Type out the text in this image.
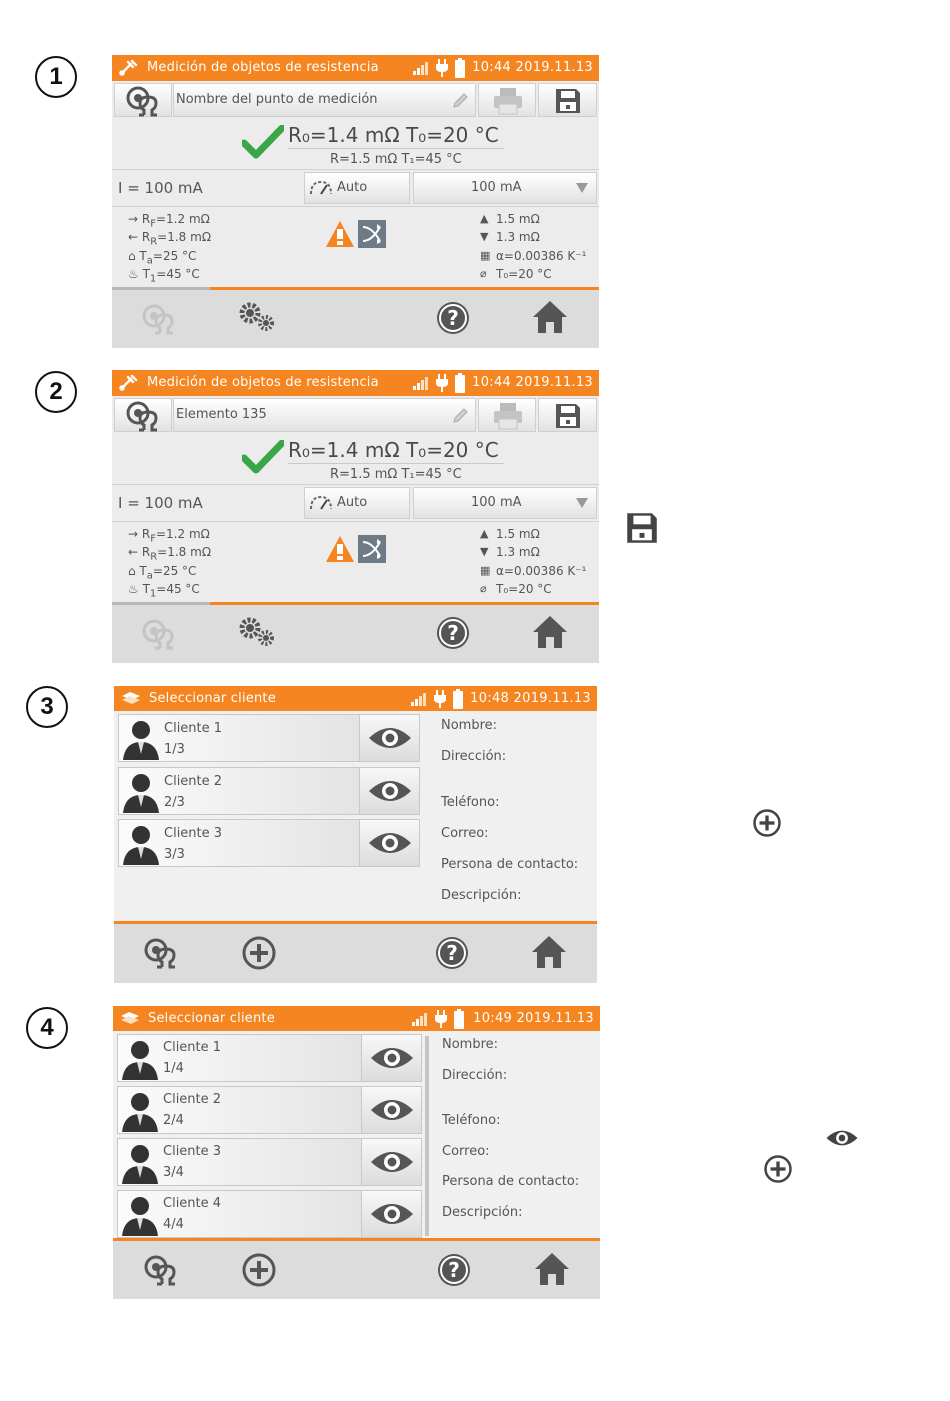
1
2
3
4
Medición de objetos de resistencia	10:44 2019.11.13
Nombre del punto de medición
R₀=1.4 mΩ T₀=20 °C
R=1.5 mΩ T₁=45 °C
I = 100 mA	Auto	100 mA
→ $R_F=1.2$ mΩ
← $R_R=1.8$ mΩ
⌂ $T_a=25$ °C
♨ $T_1=45$ °C
1.5 mΩ
1.3 mΩ
α=0.00386 K⁻¹
T₀=20 °C
▲
▼
▦
⌀
?
Medición de objetos de resistencia	10:44 2019.11.13
Elemento 135
R₀=1.4 mΩ T₀=20 °C
R=1.5 mΩ T₁=45 °C
I = 100 mA	Auto	100 mA
→ $R_F=1.2$ mΩ
← $R_R=1.8$ mΩ
⌂ $T_a=25$ °C
♨ $T_1=45$ °C
1.5 mΩ
1.3 mΩ
α=0.00386 K⁻¹
T₀=20 °C
▲
▼
▦
⌀
?
Seleccionar cliente	10:48 2019.11.13
Cliente 1
1/3
Cliente 2
2/3
Cliente 3
3/3
Nombre:
Dirección:
Teléfono:
Correo:
Persona de contacto:
Descripción:
?
Seleccionar cliente	10:49 2019.11.13
Cliente 1
1/4
Cliente 2
2/4
Cliente 3
3/4
Cliente 4
4/4
Nombre:
Dirección:
Teléfono:
Correo:
Persona de contacto:
Descripción:
?
